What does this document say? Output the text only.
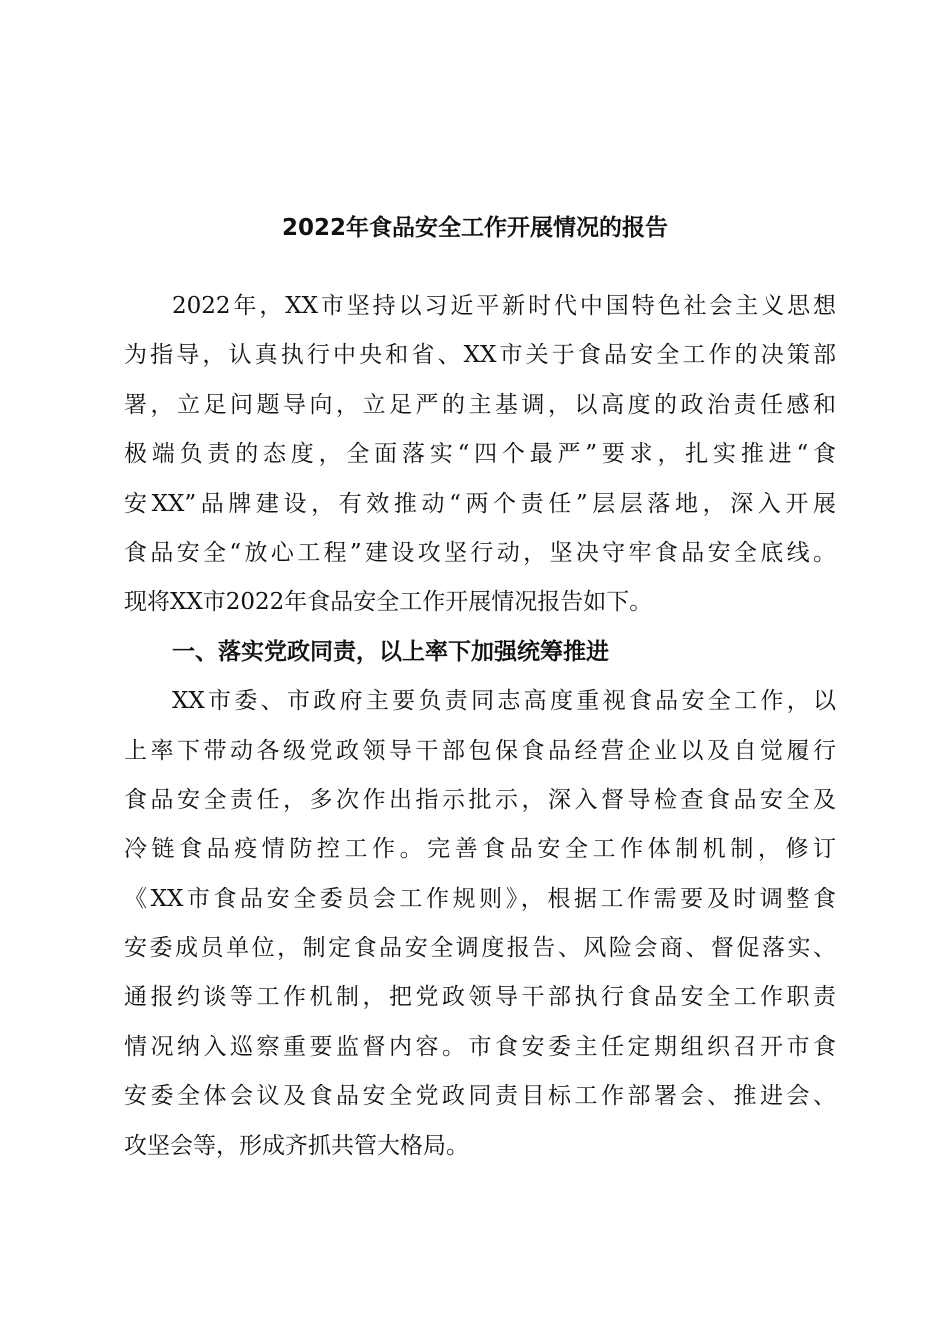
2022年食品安全工作开展情况的报告
2022年，XX市坚持以习近平新时代中国特色社会主义思想
为指导，认真执行中央和省、XX市关于食品安全工作的决策部
署，立足问题导向，立足严的主基调，以高度的政治责任感和
极端负责的态度，全面落实“四个最严”要求，扎实推进“食
安XX”品牌建设，有效推动“两个责任”层层落地，深入开展
食品安全“放心工程”建设攻坚行动，坚决守牢食品安全底线。
现将XX市2022年食品安全工作开展情况报告如下。
一、落实党政同责，以上率下加强统筹推进
XX市委、市政府主要负责同志高度重视食品安全工作，以
上率下带动各级党政领导干部包保食品经营企业以及自觉履行
食品安全责任，多次作出指示批示，深入督导检查食品安全及
冷链食品疫情防控工作。完善食品安全工作体制机制，修订
《XX市食品安全委员会工作规则》，根据工作需要及时调整食
安委成员单位，制定食品安全调度报告、风险会商、督促落实、
通报约谈等工作机制，把党政领导干部执行食品安全工作职责
情况纳入巡察重要监督内容。市食安委主任定期组织召开市食
安委全体会议及食品安全党政同责目标工作部署会、推进会、
攻坚会等，形成齐抓共管大格局。
